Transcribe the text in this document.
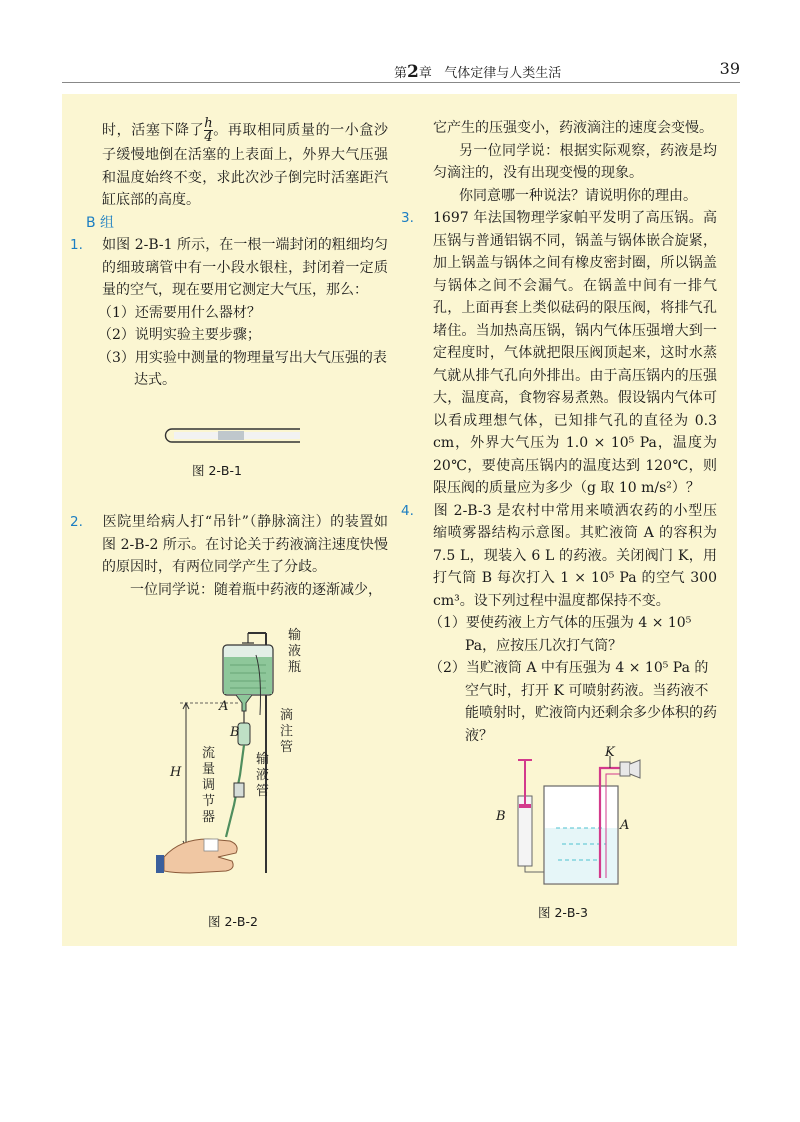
第2章 气体定律与人类生活	39

时，活塞下降了 $\frac{h}{4}$ 。再取相同质量的一小盒沙子缓慢地倒在活塞的上表面上，外界大气压强和温度始终不变，求此次沙子倒完时活塞距汽缸底部的高度。

B 组

1. 如图 2-B-1 所示，在一根一端封闭的粗细均匀的细玻璃管中有一小段水银柱，封闭着一定质量的空气，现在要用它测定大气压，那么：

（1）还需要用什么器材？

（2）说明实验主要步骤；

（3）用实验中测量的物理量写出大气压强的表达式。

图 2-B-1

2. 医院里给病人打“吊针”（静脉滴注）的装置如图 2-B-2 所示。在讨论关于药液滴注速度快慢的原因时，有两位同学产生了分歧。

一位同学说：随着瓶中药液的逐渐减少，

输液瓶
滴注管
输液管
流量调节器
A
B
H
图 2-B-2

它产生的压强变小，药液滴注的速度会变慢。

另一位同学说：根据实际观察，药液是均匀滴注的，没有出现变慢的现象。

你同意哪一种说法？请说明你的理由。

3. 1697 年法国物理学家帕平发明了高压锅。高压锅与普通铝锅不同，锅盖与锅体嵌合旋紧，加上锅盖与锅体之间有橡皮密封圈，所以锅盖与锅体之间不会漏气。在锅盖中间有一排气孔，上面再套上类似砝码的限压阀，将排气孔堵住。当加热高压锅，锅内气体压强增大到一定程度时，气体就把限压阀顶起来，这时水蒸气就从排气孔向外排出。由于高压锅内的压强大，温度高，食物容易煮熟。假设锅内气体可以看成理想气体，已知排气孔的直径为 0.3 cm，外界大气压为 1.0 × 10⁵ Pa，温度为 20℃，要使高压锅内的温度达到 120℃，则限压阀的质量应为多少（g 取 10 m/s²）？

4. 图 2-B-3 是农村中常用来喷洒农药的小型压缩喷雾器结构示意图。其贮液筒 A 的容积为 7.5 L，现装入 6 L 的药液。关闭阀门 K，用打气筒 B 每次打入 1 × 10⁵ Pa 的空气 300 cm³。设下列过程中温度都保持不变。

（1）要使药液上方气体的压强为 4 × 10⁵ Pa，应按压几次打气筒？

（2）当贮液筒 A 中有压强为 4 × 10⁵ Pa 的空气时，打开 K 可喷射药液。当药液不能喷射时，贮液筒内还剩余多少体积的药液？

K
A
B
图 2-B-3
